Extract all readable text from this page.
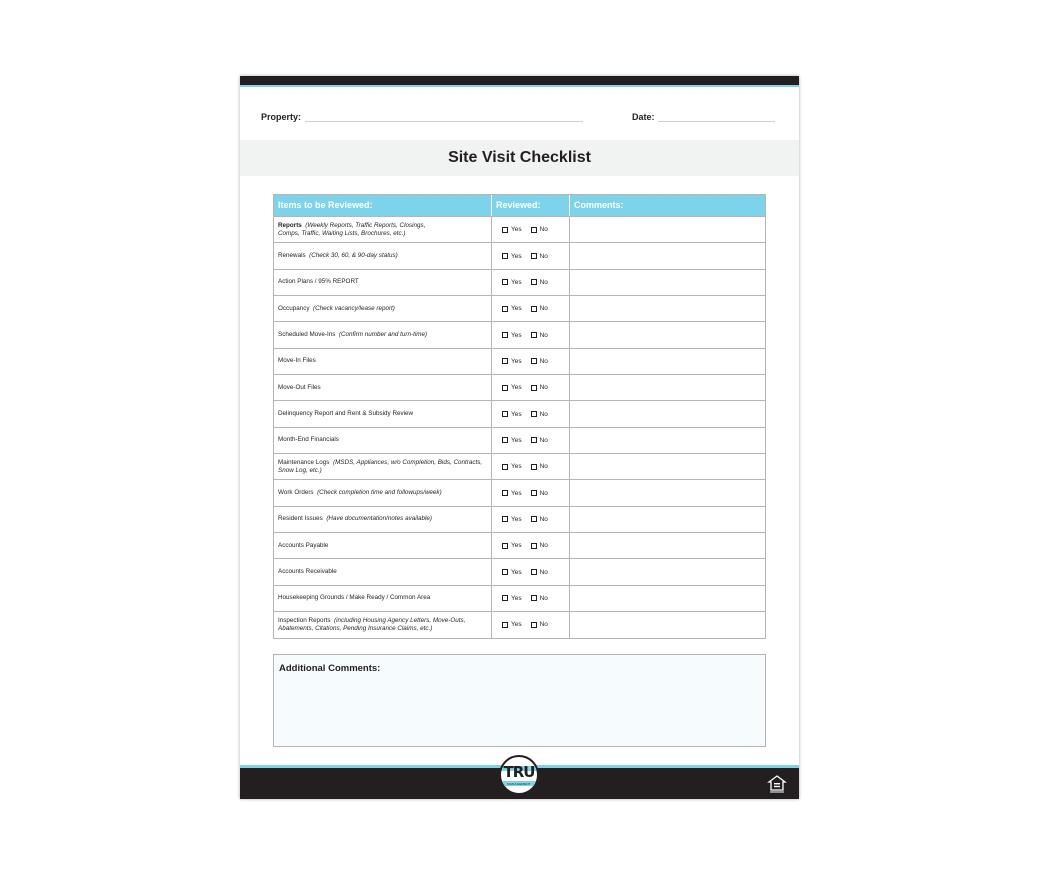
Property:	Date:
Site Visit Checklist
Items to be Reviewed:	Reviewed:	Comments:
Reports (Weekly Reports, Traffic Reports, Closings,
Comps, Traffic, Waiting Lists, Brochures, etc.)	Yes	No
Renewals (Check 30, 60, & 90-day status)	Yes	No
Action Plans / 95% REPORT	Yes	No
Occupancy (Check vacancy/lease report)	Yes	No
Scheduled Move-Ins (Confirm number and turn-time)	Yes	No
Move-In Files	Yes	No
Move-Out Files	Yes	No
Delinquency Report and Rent & Subsidy Review	Yes	No
Month-End Financials	Yes	No
Maintenance Logs (MSDS, Appliances, w/o Completion, Bids, Contracts,
Snow Log, etc.)	Yes	No
Work Orders (Check completion time and followups/week)	Yes	No
Resident Issues (Have documentation/notes available)	Yes	No
Accounts Payable	Yes	No
Accounts Receivable	Yes	No
Housekeeping Grounds / Make Ready / Common Area	Yes	No
Inspection Reports (including Housing Agency Letters, Move-Outs,
Abatements, Citations, Pending Insurance Claims, etc.)	Yes	No
Additional Comments:
TRU
MANAGEMENT
